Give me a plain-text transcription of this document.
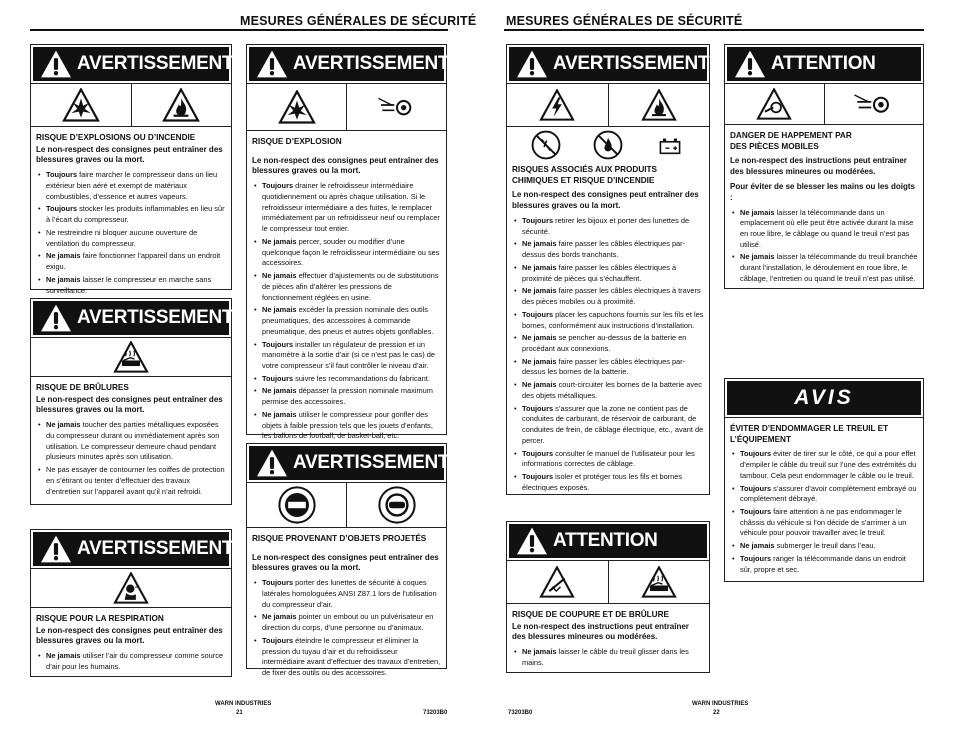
MESURES GÉNÉRALES DE SÉCURITÉ MESURES GÉNÉRALES DE SÉCURITÉ
AVERTISSEMENT
RISQUE D’EXPLOSIONS OU D’INCENDIE
Le non-respect des consignes peut entraîner des blessures graves ou la mort.
• Toujours faire marcher le compresseur dans un lieu extérieur bien aéré et exempt de matériaux combustibles, d’essence et autres vapeurs.
• Toujours stocker les produits inflammables en lieu sûr à l’écart du compresseur.
• Ne restreindre ni bloquer aucune ouverture de ventilation du compresseur.
• Ne jamais faire fonctionner l’appareil dans un endroit exigu.
• Ne jamais laisser le compresseur en marche sans surveillance.
•
AVERTISSEMENT
RISQUE DE BRÛLURES
Le non-respect des consignes peut entraîner des blessures graves ou la mort.
• Ne jamais toucher des parties métalliques exposées du compresseur durant ou immédiatement après son utilisation. Le compresseur demeure chaud pendant plusieurs minutes après son utilisation.
• Ne pas essayer de contourner les coiffes de protection en s’étirant ou tenter d’effectuer des travaux d’entretien sur l’appareil avant qu’il n’ait refroidi.
AVERTISSEMENT
RISQUE POUR LA RESPIRATION
Le non-respect des consignes peut entraîner des blessures graves ou la mort.
• Ne jamais utiliser l’air du compresseur comme source d’air pour les humains.
AVERTISSEMENT
RISQUE D’EXPLOSION
Le non-respect des consignes peut entraîner des blessures graves ou la mort.
• Toujours drainer le refroidisseur intermédiaire quotidiennement ou après chaque utilisation. Si le refroidisseur intermédiaire a des fuites, le remplacer immédiatement par un refroidisseur neuf ou remplacer le compresseur tout entier.
• Ne jamais percer, souder ou modifier d’une quelconque façon le refroidisseur intermédiaire ou ses accessoires.
• Ne jamais effectuer d’ajustements ou de substitutions de pièces afin d’altérer les pressions de fonctionnement réglées en usine.
• Ne jamais excéder la pression nominale des outils pneumatiques, des accessoires à commande pneumatique, des pneus et autres objets gonflables.
• Toujours installer un régulateur de pression et un manomètre à la sortie d’air (si ce n’est pas le cas) de votre compresseur s’il faut contrôler le niveau d’air.
• Toujours suivre les recommandations du fabricant.
• Ne jamais dépasser la pression nominale maximum permise des accessoires.
• Ne jamais utiliser le compresseur pour gonfler des objets à faible pression tels que les jouets d’enfants, les ballons de football, de basket-ball, etc.
AVERTISSEMENT
RISQUE PROVENANT D’OBJETS PROJETÉS
Le non-respect des consignes peut entraîner des blessures graves ou la mort.
• Toujours porter des lunettes de sécurité à coques latérales homologuées ANSI Z87.1 lors de l’utilisation du compresseur d’air.
• Ne jamais pointer un embout ou un pulvérisateur en direction du corps, d’une personne ou d’animaux.
• Toujours éteindre le compresseur et éliminer la pression du tuyau d’air et du refroidisseur intermédiaire avant d’effectuer des travaux d’entretien, de fixer des outils ou des accessoires.
AVERTISSEMENT
RISQUES ASSOCIÉS AUX PRODUITS CHIMIQUES ET RISQUE D’INCENDIE
Le non-respect des consignes peut entraîner des blessures graves ou la mort.
• Toujours retirer les bijoux et porter des lunettes de sécurité.
• Ne jamais faire passer les câbles électriques par-dessus des bords tranchants.
• Ne jamais faire passer les câbles électriques à proximité de pièces qui s’échauffent.
• Ne jamais faire passer les câbles électriques à travers des pièces mobiles ou à proximité.
• Toujours placer les capuchons fournis sur les fils et les bornes, conformément aux instructions d’installation.
• Ne jamais se pencher au-dessus de la batterie en procédant aux connexions.
• Ne jamais faire passer les câbles électriques par-dessus les bornes de la batterie.
• Ne jamais court-circuiter les bornes de la batterie avec des objets métalliques.
• Toujours s’assurer que la zone ne contient pas de conduites de carburant, de réservoir de carburant, de conduites de frein, de câblage électrique, etc., avant de percer.
• Toujours consulter le manuel de l’utilisateur pour les informations correctes de câblage.
• Toujours isoler et protéger tous les fils et bornes électriques exposés.
ATTENTION
RISQUE DE COUPURE ET DE BRÛLURE
Le non-respect des instructions peut entraîner des blessures mineures ou modérées.
• Ne jamais laisser le câble du treuil glisser dans les mains.
ATTENTION
DANGER DE HAPPEMENT PAR DES PIÈCES MOBILES
Le non-respect des instructions peut entraîner des blessures mineures ou modérées.
Pour éviter de se blesser les mains ou les doigts :
• Ne jamais laisser la télécommande dans un emplacement où elle peut être activée durant la mise en roue libre, le câblage ou quand le treuil n’est pas utilisé.
• Ne jamais laisser la télécommande du treuil branchée durant l’installation, le déroulement en roue libre, le câblage, l’entretien ou quand le treuil n’est pas utilisé.
AVIS
ÉVITER D’ENDOMMAGER LE TREUIL ET L’ÉQUIPEMENT
• Toujours éviter de tirer sur le côté, ce qui a pour effet d’empiler le câble du treuil sur l’une des extrémités du tambour. Cela peut endommager le câble ou le treuil.
• Toujours s’assurer d’avoir complètement embrayé ou complètement débrayé.
• Toujours faire attention à ne pas endommager le châssis du véhicule si l’on décide de s’arrimer à un véhicule pour pouvoir travailler avec le treuil.
• Ne jamais submerger le treuil dans l’eau.
• Toujours ranger la télécommande dans un endroit sûr, propre et sec.
WARN INDUSTRIES
21	73203B0
WARN INDUSTRIES
22
73203B0
